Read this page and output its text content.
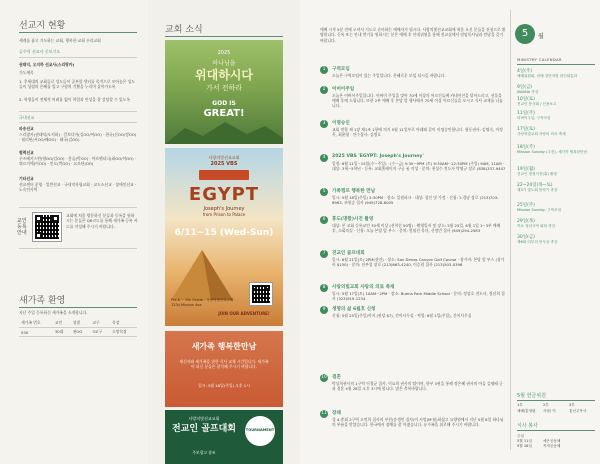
선교지 현황
세계를 품고 기도하는 교회, 행복한 교회 우리교회
공주력 선교사 중보기도
권태익, 오지하 선교사(스리랑카)
기도제목
1. 후세대의 교회들로 성도들이 공부할 센터를 목적으로 모아놓은 성도들이 성령의 은혜를 입고 구원의 기쁨을 누리며 살아가도록
2. 학생들이 전체적 어려움 없이 학업과 인성을 잘 감당할 수 있도록
국내선교
파송선교
스리랑카(권태익/오지하) · 캄보디아(김OO/이OO) · 한국(신OO/정OO) · 필리핀(서OO/배OO) · 태국(김OO)
협력선교
우즈베키스탄(양OO/김OO) · 몽골(박OO) · 아르헨티나(최OO/이OO) · 튀르키예(이OO) · 인도(박OO) · 요르단(OO)
기타선교
선교센터 운영 · 일반선교 · 국내미자립교회 · 교도소선교 · 장애인선교 · 노숙인사역
교인 등록 안내
교회에 처음 방문하신 분들과 등록을 원하시는 분들은 QR코드를 통해 새가족 등록 카드를 작성해 주시기 바랍니다.
새가족 환영
지난 주일 등록하신 새가족을 소개합니다.
세가족 번호	교인	성별	교구	목장
030	30대	권OO	3교구	소망목장
교회 소식
2025
하나님을
위대하시다
가서 전하라
GOD IS
GREAT!
사랑의빛선교교회
2025 VBS
EGYPT
Joseph's Journey
from Prison to Palace
6/11~15 (Wed-Sun)
Pre-K ~ 5th Grade · 사랑의빛선교교회 · 1234 Mission Ave.
JOIN OUR ADVENTURE!
새가족 행복한만남
새신자와 새가족을 위한 식사 교제 시간입니다. 새가족이 되신 분들은 참석해 주시기 바랍니다.
일시: 5월 18일(주일) 오후 1시
사랑의빛선교교회
전교인 골프대회
주보광고 참조
TOURNAMENT
예배 시작 5분 전에 오셔서 기도로 준비하는 예배자가 됩시다. 사랑의빛선교교회에 처음 오신 분들을 진심으로 환영합니다. 등록 또는 안내 받기를 원하시는 분은 예배 후 안내위원을 통해 친교실에서 담임목사님과 만남을 갖기 바랍니다.
1	구역모임
오늘은 구역모임이 있는 주일입니다. 은혜로운 모임 되시길 바랍니다.
2	어버이주일
오늘은 어버이주일입니다. 어버이 주일을 맞아 70세 이상의 어르신들께 카네이션을 달아드리고, 선물을 예배 후에 드립니다. 또한 2부 예배 후 본당 앞 행사에서 70세 이상 어르신들을 모시고 식사 교제를 나눕니다.
3	이명승인
교회 연합 제 1장 제1조 1항에 의거 5월 11일부로 아래와 같이 이명승인합니다. 협동권사: 김명숙, 이정옥, 최윤영 · 안수집사: 김병호
4	2025 VBS 'EGYPT: Joseph's Journey'
일정: 6월 11일~15일(수~주일) · (수~금) 5:30~9PM (토) 9:30AM~12:30PM (주일) 9AM, 11AM · 대상: 3세~5학년 · 등록: 교회홈페이지 구글 폼 작성 · 문의: 천성수 전도사 박영규 장로 (838)337-9447
5	가족캠프 행복한 만남
일시: 5월 18일(주일) 5:30PM · 장소: 일원파크 · 대상: 성인 및 가정 · 신청: 노경남 장로 (213)703-6963, 조원승 집사 (949)728-8005
6	휴도(명함)사진 촬영
대상: 본 교회 등록교인 70세 이상 (선착순 50명) · 촬영일자 및 장소: 5월 25일, 6월 1일 1~3부 예배 후, 소회의실 · 신청: 오늘 본당 앞 부스 · 문의: 엄필진 목사, 신정민 집사 (949)294-2563
7	전교인 골프대회
일시: 6월 21일(토) 2PM(샷건) · 장소: San Dimas Canyon Golf Course · 참가비: 본당 앞 부스 (참가비 $150) · 문의: 선부성 장로 (213)663-4240, 이승림 집사 (213)503-0396
8	사랑의빛교회 사랑의 의료 축제
일시: 5월 17일(토) 10AM~2PM · 장소: Buena Park Middle School · 문의: 정상호 전도사, 정선희 집사 (323)919-1234
9	생명의 삶 6월호 신청
신청: 5월 25일(주일)까지 (권당 $7), 간이사무실 · 픽업: 6월 1일(주일), 간이사무실
10 결혼
박상희권사의 1구역 이경균 집사, 이요희 권사의 딸이며, 한부 3권을 통해 정은혜 권사의 아들 김평배 군과 결혼 4월 28일 오후 3시에 합니다. 많은 축복바랍니다.
11 장례
성 4-총회 2구역 오민희 집사의 부친(송생민 집사)이 사망(M'월)하셨고 요양원에서 지난 5월 8일 하나님의 부름을 받았습니다. 한국에서 장례를 잘 마쳤습니다. 유가족을 위로해 주시기 바랍니다.
5	월
MINISTRY CALENDAR
4일(주)
예배위원회, 선배 강단지원 한인회통과
9일(금)
AWANA 종강
10일(토)
전교인 봉사회 / 신용보고
11일(주)
어버이주일, 구역모임
17일(토)
사랑의빛교회 사랑의 의료 축제
18일(주)
Mission Sunday (주전), 새가족 행복한만남
19일(월)
전교인 영정사진(휴) 촬영
22~24일(목~토)
제3기 빛노회 봄학기 종강
25일(주)
Mission Sunday, 구역모임
29일(목)
목요 청년사역 회복 종강
30일(금)
제6회 어부의 봉사상 종강
5월 헌금위원
1부	2부	3부
예배/홍영림	사랑/ 이	홍선주목사
식사 봉사
주일
5월 11일	예은공동체
5월 18일	목자공동체
